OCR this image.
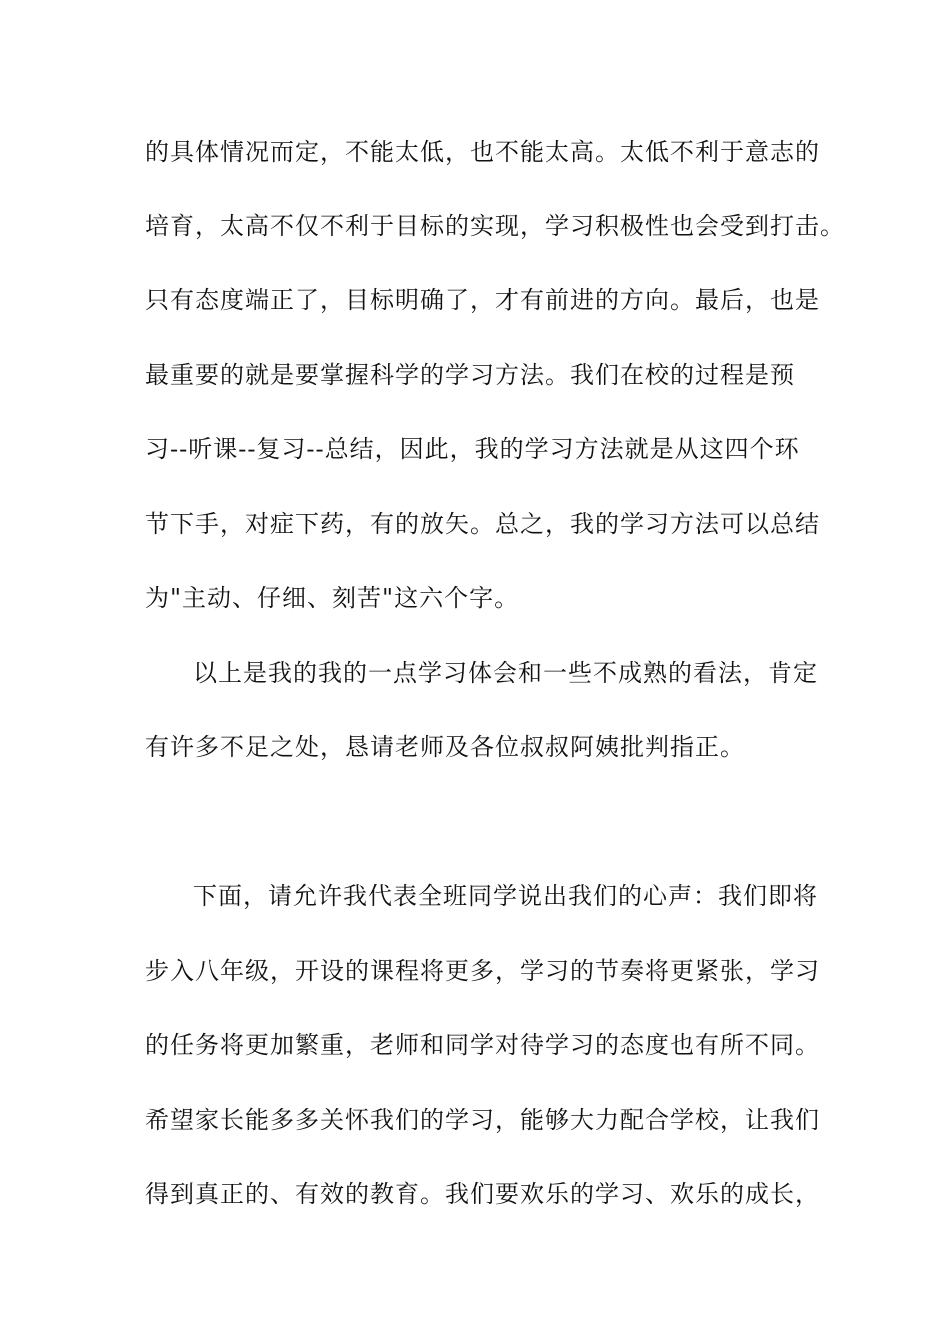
的具体情况而定，不能太低，也不能太高。太低不利于意志的
培育，太高不仅不利于目标的实现，学习积极性也会受到打击。
只有态度端正了，目标明确了，才有前进的方向。最后，也是
最重要的就是要掌握科学的学习方法。我们在校的过程是预
习--听课--复习--总结，因此，我的学习方法就是从这四个环
节下手，对症下药，有的放矢。总之，我的学习方法可以总结
为"主动、仔细、刻苦"这六个字。
以上是我的我的一点学习体会和一些不成熟的看法，肯定
有许多不足之处，恳请老师及各位叔叔阿姨批判指正。
下面，请允许我代表全班同学说出我们的心声：我们即将
步入八年级，开设的课程将更多，学习的节奏将更紧张，学习
的任务将更加繁重，老师和同学对待学习的态度也有所不同。
希望家长能多多关怀我们的学习，能够大力配合学校，让我们
得到真正的、有效的教育。我们要欢乐的学习、欢乐的成长，
